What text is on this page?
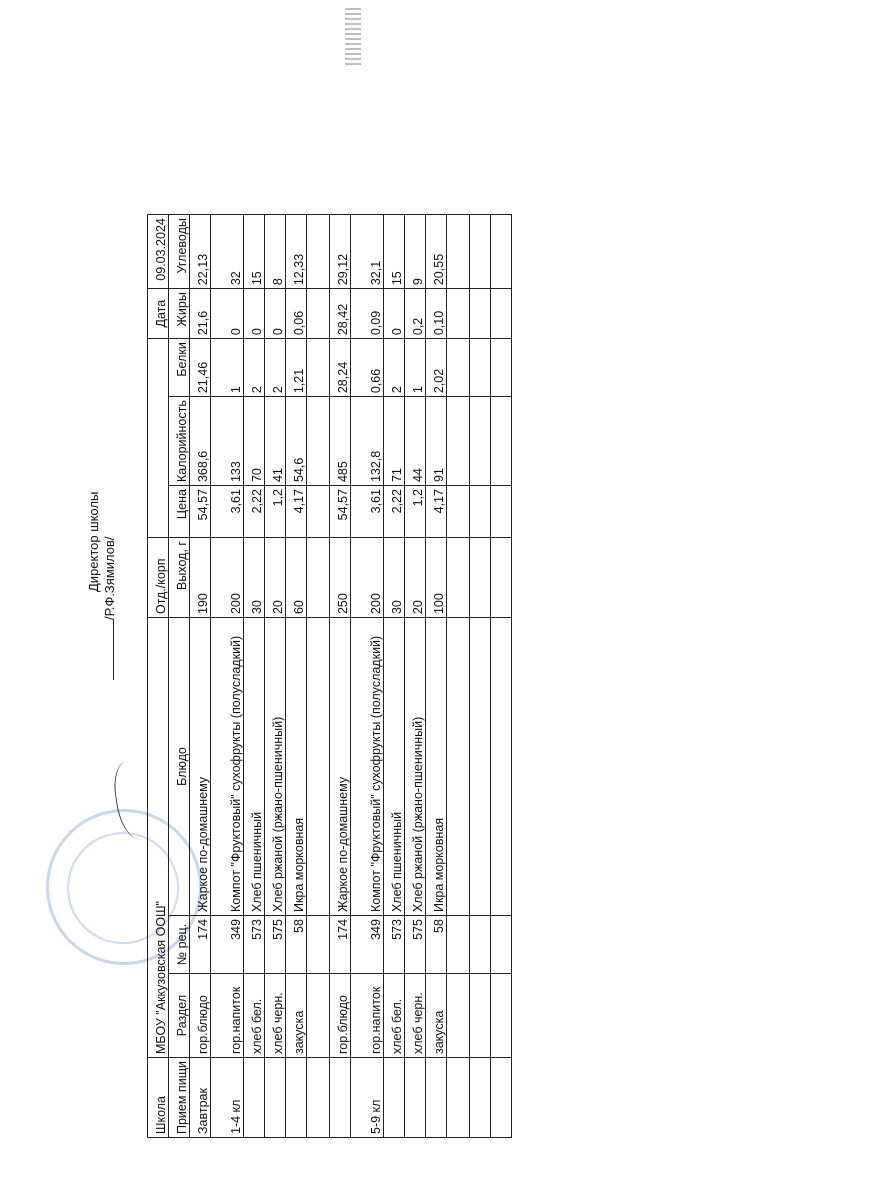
Директор школы /Р.Ф.Зямилов/
Школа	МБОУ "Аккузовская ООШ"			Отд./корп				Дата	09.03.2024
Прием пищи	Раздел	№ рец.	Блюдо	Выход, г	Цена	Калорийность	Белки	Жиры	Углеводы
Завтрак	гор.блюдо	174	Жаркое по-домашнему	190	54,57	368,6	21,46	21,6	22,13
1-4 кл	гор.напиток	349	Компот "Фруктовый" сухофрукты (полусладкий)	200	3,61	133	1	0	32
	хлеб бел.	573	Хлеб пшеничный	30	2,22	70	2	0	15
	хлеб черн.	575	Хлеб ржаной (ржано-пшеничный)	20	1,2	41	2	0	8
	закуска	58	Икра морковная	60	4,17	54,6	1,21	0,06	12,33

	гор.блюдо	174	Жаркое по-домашнему	250	54,57	485	28,24	28,42	29,12
5-9 кл	гор.напиток	349	Компот "Фруктовый" сухофрукты (полусладкий)	200	3,61	132,8	0,66	0,09	32,1
	хлеб бел.	573	Хлеб пшеничный	30	2,22	71	2	0	15
	хлеб черн.	575	Хлеб ржаной (ржано-пшеничный)	20	1,2	44	1	0,2	9
	закуска	58	Икра морковная	100	4,17	91	2,02	0,10	20,55
